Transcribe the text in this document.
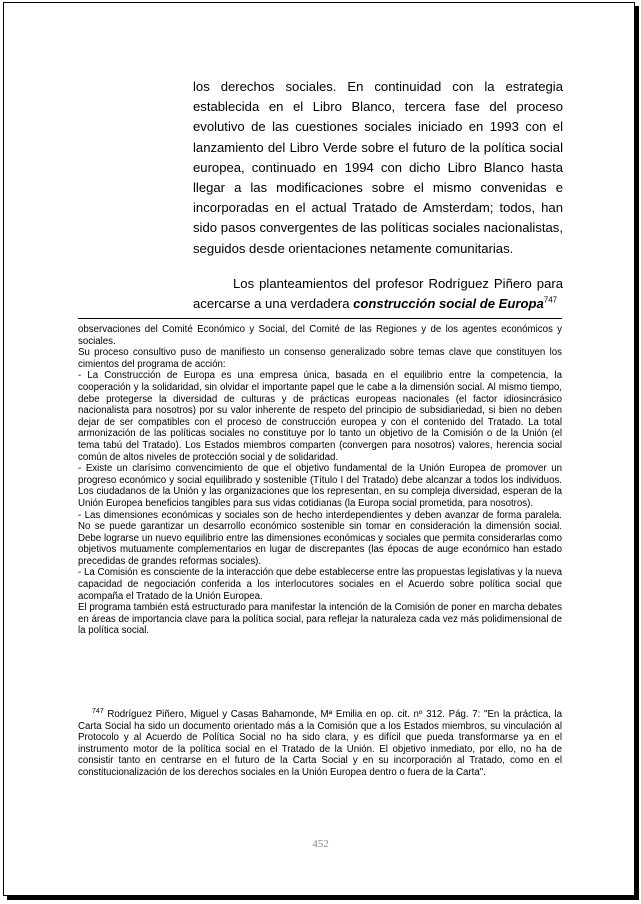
los derechos sociales. En continuidad con la estrategia establecida en el Libro Blanco, tercera fase del proceso evolutivo de las cuestiones sociales iniciado en 1993 con el lanzamiento del Libro Verde sobre el futuro de la política social europea, continuado en 1994 con dicho Libro Blanco hasta llegar a las modificaciones sobre el mismo convenidas e incorporadas en el actual Tratado de Amsterdam; todos, han sido pasos convergentes de las políticas sociales nacionalistas, seguidos desde orientaciones netamente comunitarias.

Los planteamientos del profesor Rodríguez Piñero para acercarse a una verdadera construcción social de Europa$^{747}$

observaciones del Comité Económico y Social, del Comité de las Regiones y de los agentes económicos y sociales.

Su proceso consultivo puso de manifiesto un consenso generalizado sobre temas clave que constituyen los cimientos del programa de acción:

- La Construcción de Europa es una empresa única, basada en el equilibrio entre la competencia, la cooperación y la solidaridad, sin olvidar el importante papel que le cabe a la dimensión social. Al mismo tiempo, debe protegerse la diversidad de culturas y de prácticas europeas nacionales (el factor idiosincrásico nacionalista para nosotros) por su valor inherente de respeto del principio de subsidiariedad, si bien no deben dejar de ser compatibles con el proceso de construcción europea y con el contenido del Tratado. La total armonización de las políticas sociales no constituye por lo tanto un objetivo de la Comisión o de la Unión (el tema tabú del Tratado). Los Estados miembros comparten (convergen para nosotros) valores, herencia social común de altos niveles de protección social y de solidaridad.

- Existe un clarísimo convencimiento de que el objetivo fundamental de la Unión Europea de promover un progreso económico y social equilibrado y sostenible (Título I del Tratado) debe alcanzar a todos los individuos. Los ciudadanos de la Unión y las organizaciones que los representan, en su compleja diversidad, esperan de la Unión Europea beneficios tangibles para sus vidas cotidianas (la Europa social prometida, para nosotros).

- Las dimensiones económicas y sociales son de hecho interdependientes y deben avanzar de forma paralela. No se puede garantizar un desarrollo económico sostenible sin tomar en consideración la dimensión social. Debe lograrse un nuevo equilibrio entre las dimensiones económicas y sociales que permita considerarlas como objetivos mutuamente complementarios en lugar de discrepantes (las épocas de auge económico han estado precedidas de grandes reformas sociales).

- La Comisión es consciente de la interacción que debe establecerse entre las propuestas legislativas y la nueva capacidad de negociación conferida a los interlocutores sociales en el Acuerdo sobre política social que acompaña el Tratado de la Unión Europea.

El programa también está estructurado para manifestar la intención de la Comisión de poner en marcha debates en áreas de importancia clave para la política social, para reflejar la naturaleza cada vez más polidimensional de la política social.

$^{747}$ Rodríguez Piñero, Miguel y Casas Bahamonde, Mª Emilia en op. cit. nº 312. Pág. 7: "En la práctica, la Carta Social ha sido un documento orientado más a la Comisión que a los Estados miembros, su vinculación al Protocolo y al Acuerdo de Política Social no ha sido clara, y es difícil que pueda transformarse ya en el instrumento motor de la política social en el Tratado de la Unión. El objetivo inmediato, por ello, no ha de consistir tanto en centrarse en el futuro de la Carta Social y en su incorporación al Tratado, como en el constitucionalización de los derechos sociales en la Unión Europea dentro o fuera de la Carta".

452
